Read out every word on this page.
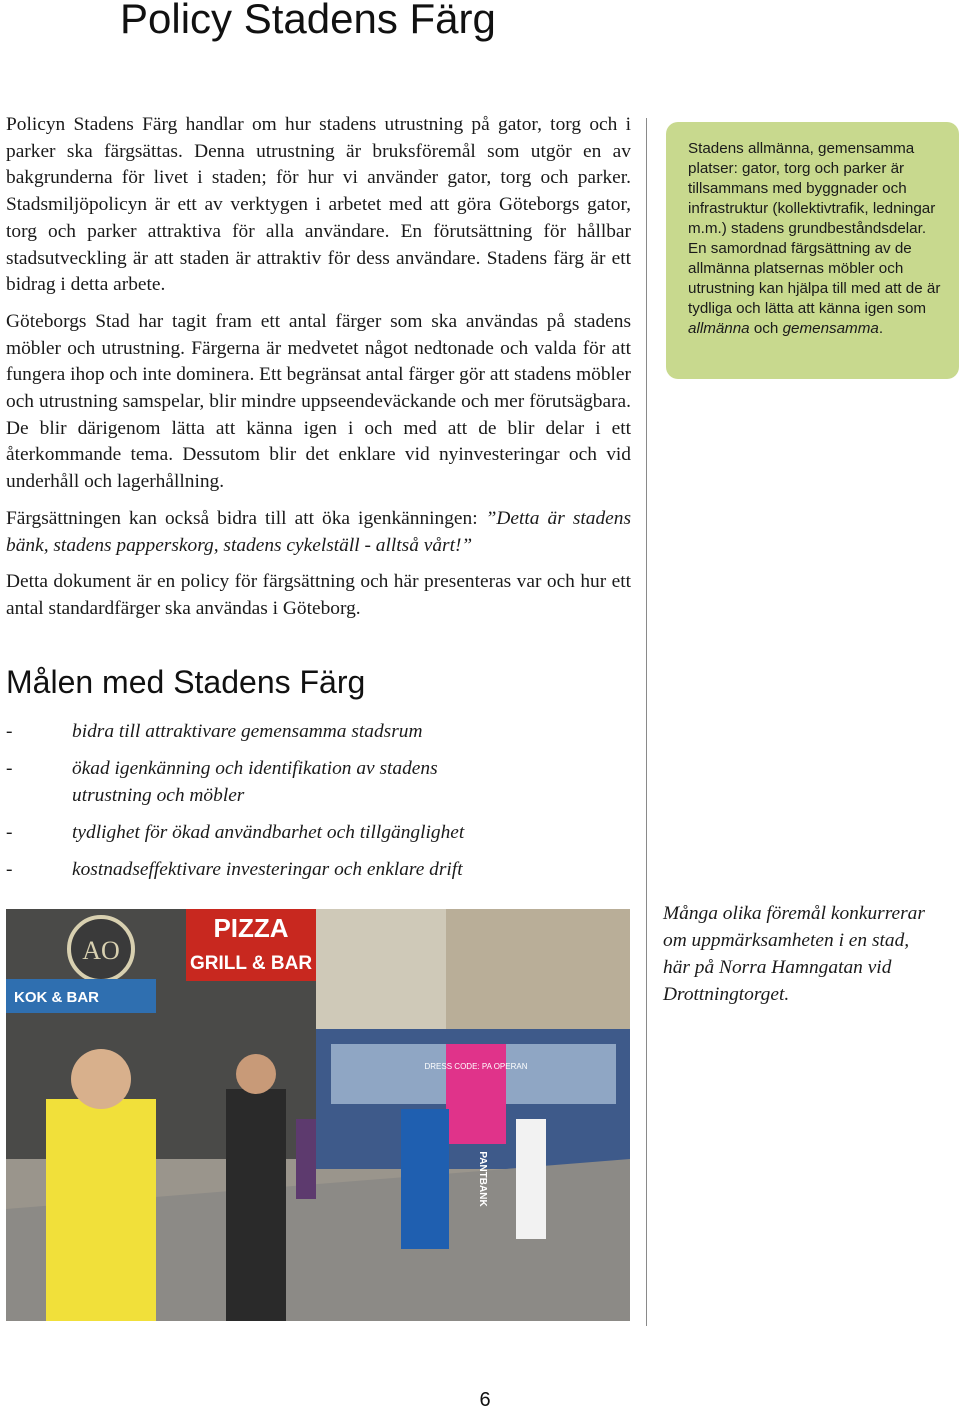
Policy Stadens Färg

Policyn Stadens Färg handlar om hur stadens utrustning på gator, torg och i parker ska färgsättas. Denna utrustning är bruksföremål som utgör en av bakgrunderna för livet i staden; för hur vi använder gator, torg och parker. Stadsmiljöpolicyn är ett av verktygen i arbetet med att göra Göteborgs gator, torg och parker attraktiva för alla användare. En förutsättning för hållbar stadsutveckling är att staden är attraktiv för dess användare. Stadens färg är ett bidrag i detta arbete.

Göteborgs Stad har tagit fram ett antal färger som ska användas på stadens möbler och utrustning. Färgerna är medvetet något nedtonade och valda för att fungera ihop och inte dominera. Ett begränsat antal färger gör att stadens möbler och utrustning samspelar, blir mindre uppseendeväckande och mer förutsägbara. De blir därigenom lätta att känna igen i och med att de blir delar i ett återkommande tema. Dessutom blir det enklare vid nyinvesteringar och vid underhåll och lagerhållning.

Färgsättningen kan också bidra till att öka igenkänningen: ”Detta är stadens bänk, stadens papperskorg, stadens cykelställ - alltså vårt!”

Detta dokument är en policy för färgsättning och här presenteras var och hur ett antal standardfärger ska användas i Göteborg.

Stadens allmänna, gemensamma platser: gator, torg och parker är tillsammans med byggnader och infrastruktur (kollektivtrafik, ledningar m.m.) stadens grundbeståndsdelar. En samordnad färgsättning av de allmänna platsernas möbler och utrustning kan hjälpa till med att de är tydliga och lätta att känna igen som allmänna och gemensamma.
Målen med Stadens Färg
-	bidra till attraktivare gemensamma stadsrum
-	ökad igenkänning och identifikation av stadens utrustning och möbler
-	tydlighet för ökad användbarhet och tillgänglighet
-	kostnadseffektivare investeringar och enklare drift
AO
PIZZA
GRILL & BAR
KOK & BAR
DRESS CODE: PA OPERAN
PANTBANK

Många olika föremål konkurrerar om uppmärksamheten i en stad, här på Norra Hamngatan vid Drottningtorget.

6
